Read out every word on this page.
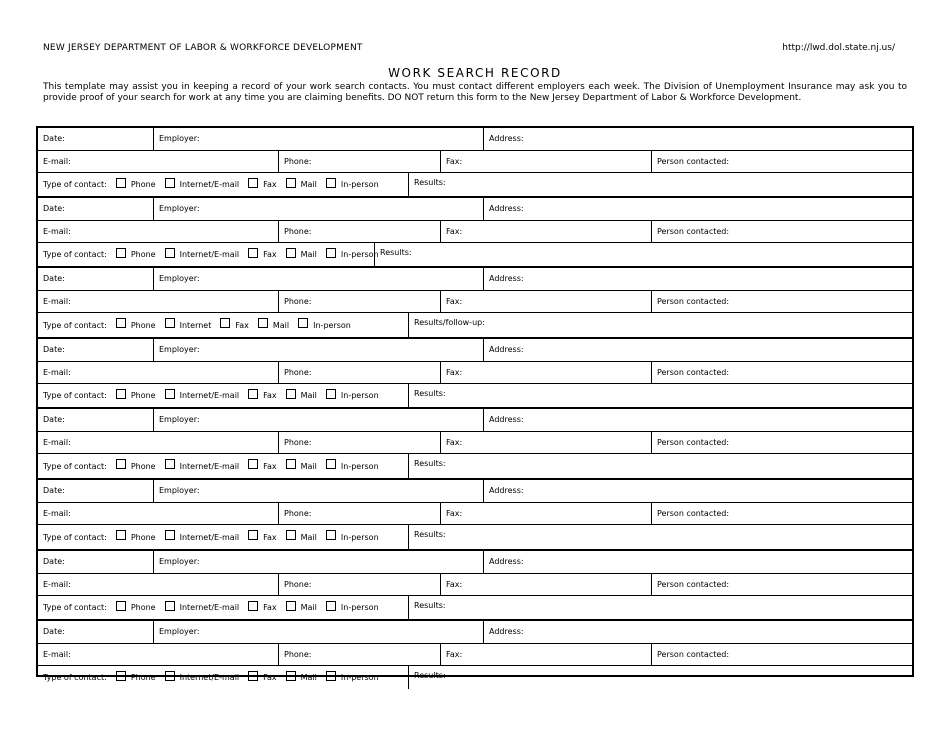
NEW JERSEY DEPARTMENT OF LABOR & WORKFORCE DEVELOPMENT	http://lwd.dol.state.nj.us/
WORK SEARCH RECORD
This template may assist you in keeping a record of your work search contacts. You must contact different employers each week. The Division of Unemployment Insurance may ask you to provide proof of your search for work at any time you are claiming benefits. DO NOT return this form to the New Jersey Department of Labor & Workforce Development.
Date:	Employer:	Address:
E-mail:	Phone:	Fax:	Person contacted:
Type of contact:	Phone	Internet/E-mail	Fax	Mail	In-person	Results:
Date:	Employer:	Address:
E-mail:	Phone:	Fax:	Person contacted:
Type of contact:	Phone	Internet/E-mail	Fax	Mail	In-person Results:
Date:	Employer:	Address:
E-mail:	Phone:	Fax:	Person contacted:
Type of contact:	Phone	Internet	Fax	Mail	In-person	Results/follow-up:
Date:	Employer:	Address:
E-mail:	Phone:	Fax:	Person contacted:
Type of contact:	Phone	Internet/E-mail	Fax	Mail	In-person	Results:
Date:	Employer:	Address:
E-mail:	Phone:	Fax:	Person contacted:
Type of contact:	Phone	Internet/E-mail	Fax	Mail	In-person	Results:
Date:	Employer:	Address:
E-mail:	Phone:	Fax:	Person contacted:
Type of contact:	Phone	Internet/E-mail	Fax	Mail	In-person	Results:
Date:	Employer:	Address:
E-mail:	Phone:	Fax:	Person contacted:
Type of contact:	Phone	Internet/E-mail	Fax	Mail	In-person	Results:
Date:	Employer:	Address:
E-mail:	Phone:	Fax:	Person contacted:
Type of contact:	Phone	Internet/E-mail	Fax	Mail	In-person	Results:
